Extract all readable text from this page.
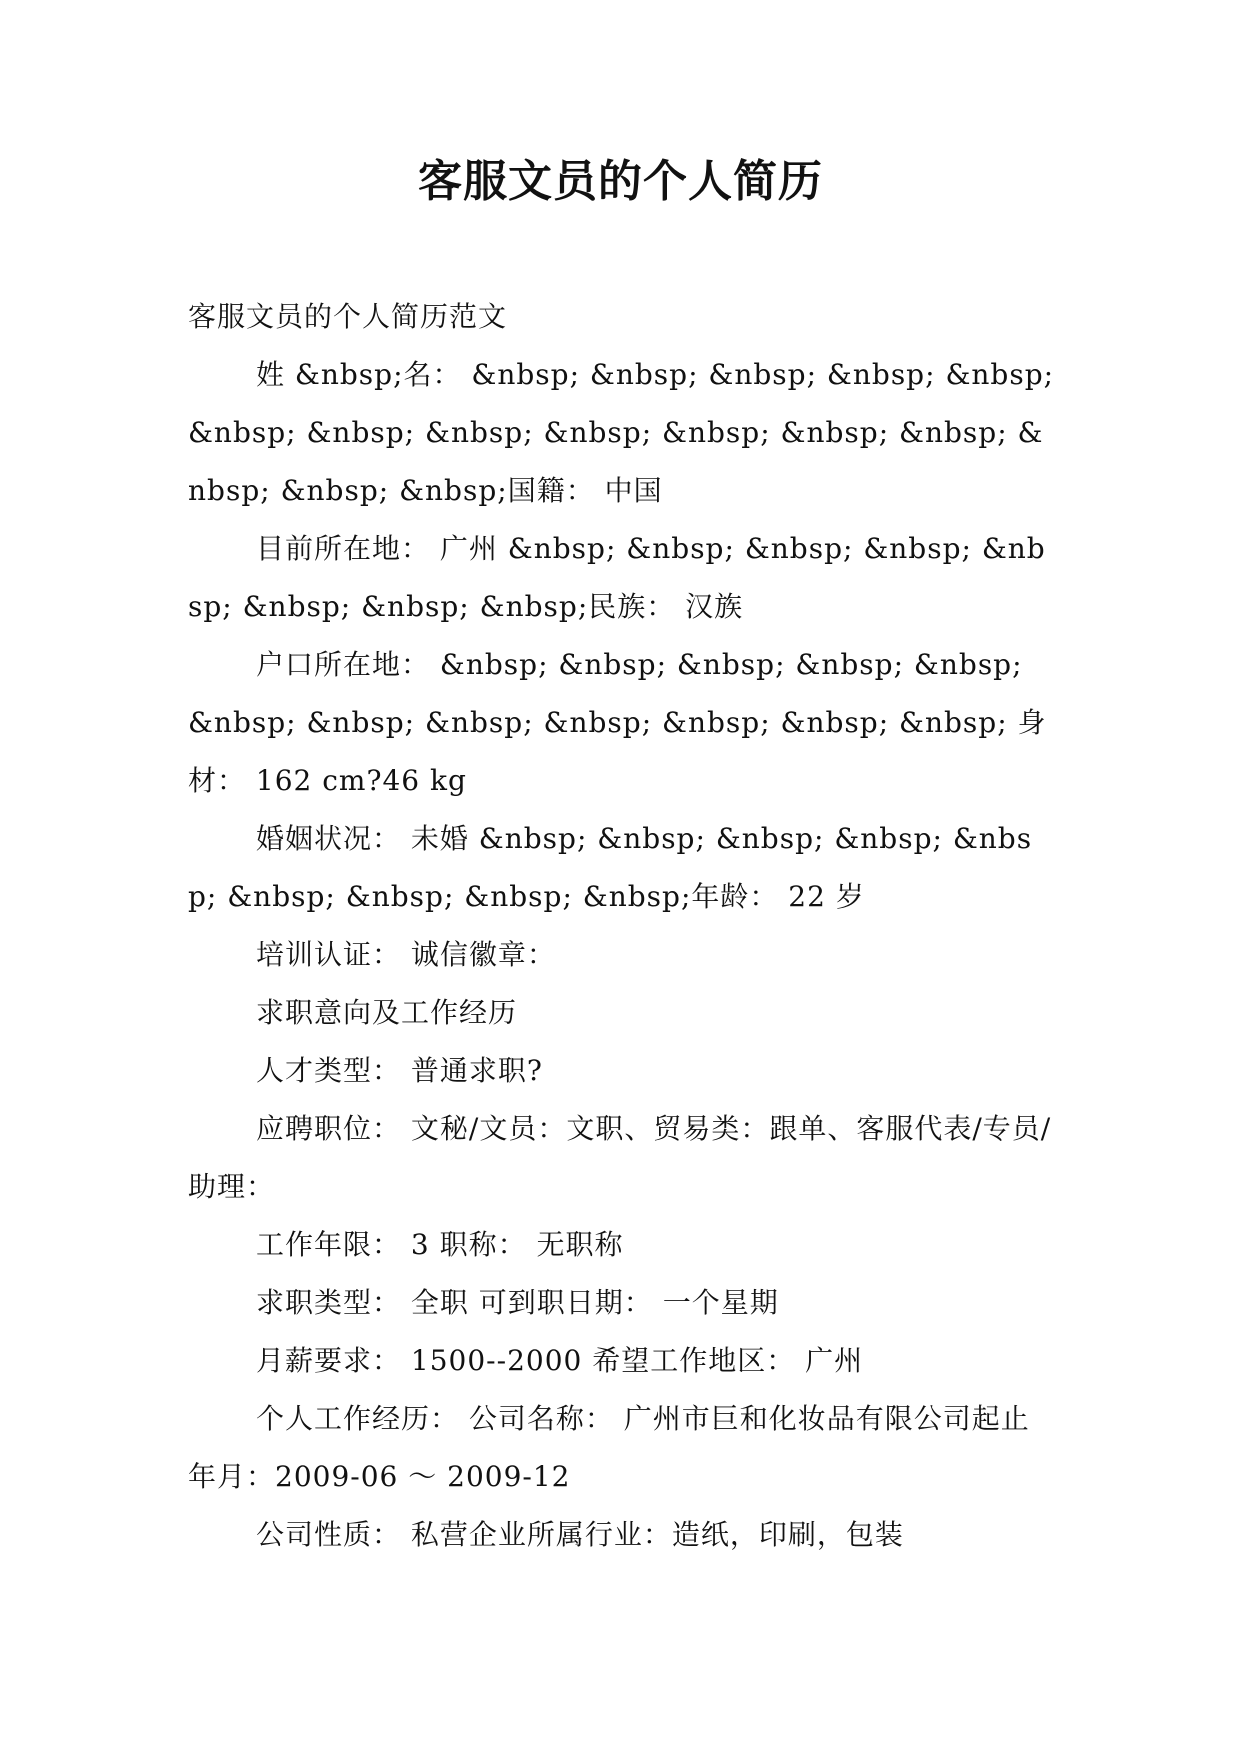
客服文员的个人简历

客服文员的个人简历范文

姓 &nbsp;名： &nbsp; &nbsp; &nbsp; &nbsp; &nbsp; &nbsp; &nbsp; &nbsp; &nbsp; &nbsp; &nbsp; &nbsp; &nbsp; &nbsp; &nbsp;国籍： 中国

目前所在地： 广州 &nbsp; &nbsp; &nbsp; &nbsp; &nbsp; &nbsp; &nbsp; &nbsp;民族： 汉族

户口所在地： &nbsp; &nbsp; &nbsp; &nbsp; &nbsp; &nbsp; &nbsp; &nbsp; &nbsp; &nbsp; &nbsp; &nbsp; 身材： 162 cm?46 kg

婚姻状况： 未婚 &nbsp; &nbsp; &nbsp; &nbsp; &nbsp; &nbsp; &nbsp; &nbsp; &nbsp;年龄： 22 岁

培训认证： 诚信徽章：

求职意向及工作经历

人才类型： 普通求职?

应聘职位： 文秘/文员：文职、贸易类：跟单、客服代表/专员/助理：

工作年限： 3 职称： 无职称

求职类型： 全职 可到职日期： 一个星期

月薪要求： 1500--2000 希望工作地区： 广州

个人工作经历： 公司名称： 广州市巨和化妆品有限公司起止年月：2009-06 ～ 2009-12

公司性质： 私营企业所属行业：造纸，印刷，包装
